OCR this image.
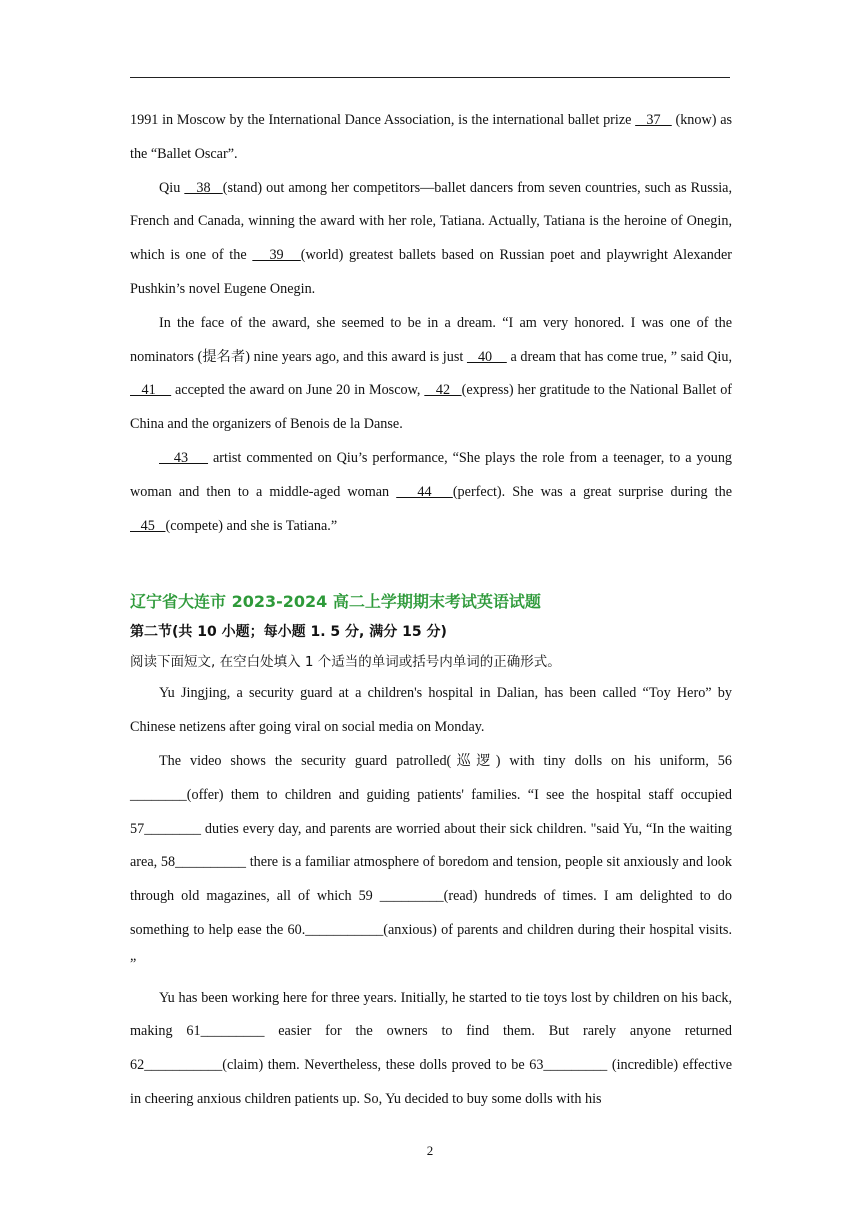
1991 in Moscow by the International Dance Association, is the international ballet prize    37    (know) as the “Ballet Oscar”.

Qiu    38   (stand) out among her competitors—ballet dancers from seven countries, such as Russia, French and Canada, winning the award with her role, Tatiana. Actually, Tatiana is the heroine of Onegin, which is one of the    39   (world) greatest ballets based on Russian poet and playwright Alexander Pushkin’s novel Eugene Onegin.

In the face of the award, she seemed to be in a dream. “I am very honored. I was one of the nominators (提名者) nine years ago, and this award is just    40     a dream that has come true, ” said Qiu,    41     accepted the award on June 20 in Moscow,    42   (express) her gratitude to the National Ballet of China and the organizers of Benois de la Danse.

43     artist commented on Qiu’s performance, “She plays the role from a teenager, to a young woman and then to a middle-aged woman    44   (perfect). She was a great surprise during the    45   (compete) and she is Tatiana.”

辽宁省大连市 2023-2024 高二上学期期末考试英语试题

第二节(共 10 小题；每小题 1. 5 分, 满分 15 分)

阅读下面短文, 在空白处填入 1 个适当的单词或括号内单词的正确形式。

Yu Jingjing, a security guard at a children's hospital in Dalian, has been called “Toy Hero” by Chinese netizens after going viral on social media on Monday.

The video shows the security guard patrolled(巡逻) with tiny dolls on his uniform, 56 ________(offer) them to children and guiding patients' families. “I see the hospital staff occupied 57________ duties every day, and parents are worried about their sick children. "said Yu, “In the waiting area, 58__________ there is a familiar atmosphere of boredom and tension, people sit anxiously and look through old magazines, all of which 59 _________(read) hundreds of times. I am delighted to do something to help ease the 60.___________(anxious) of parents and children during their hospital visits. ”

Yu has been working here for three years. Initially, he started to tie toys lost by children on his back, making 61_________ easier for the owners to find them. But rarely anyone returned 62___________(claim) them. Nevertheless, these dolls proved to be 63_________ (incredible) effective in cheering anxious children patients up. So, Yu decided to buy some dolls with his

2
